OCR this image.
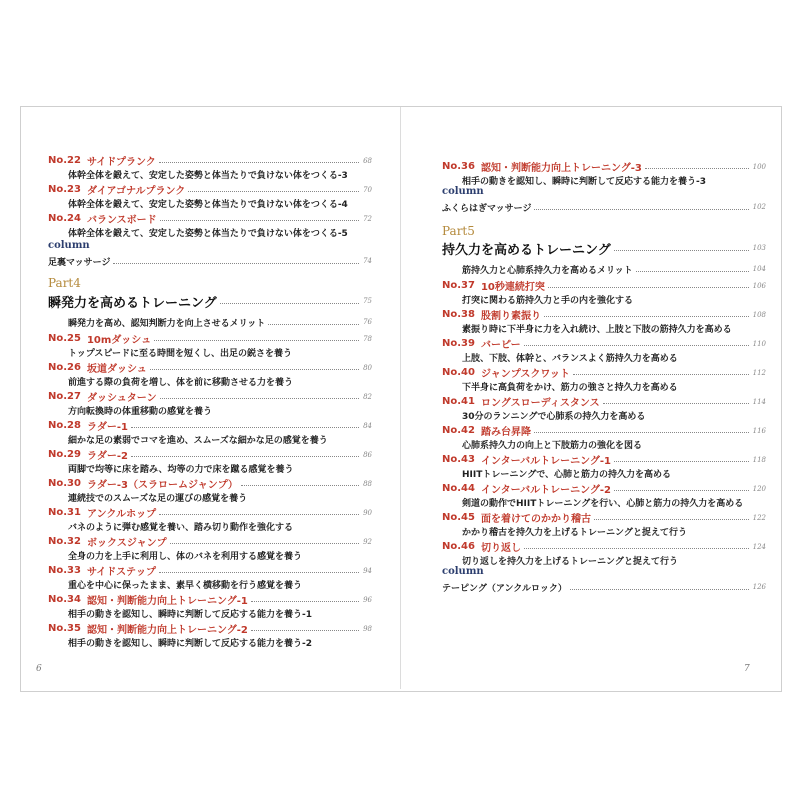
No.22 サイドプランク	68
体幹全体を鍛えて、安定した姿勢と体当たりで負けない体をつくる-3
No.23 ダイアゴナルプランク	70
体幹全体を鍛えて、安定した姿勢と体当たりで負けない体をつくる-4
No.24 バランスボード	72
体幹全体を鍛えて、安定した姿勢と体当たりで負けない体をつくる-5
column
足裏マッサージ	74
Part4
瞬発力を高めるトレーニング	75
瞬発力を高め、認知判断力を向上させるメリット	76
No.25 10mダッシュ	78
トップスピードに至る時間を短くし、出足の鋭さを養う
No.26 坂道ダッシュ	80
前進する際の負荷を増し、体を前に移動させる力を養う
No.27 ダッシュターン	82
方向転換時の体重移動の感覚を養う
No.28 ラダー-1	84
細かな足の素弱でコマを進め、スムーズな細かな足の感覚を養う
No.29 ラダー-2	86
両脚で均等に床を踏み、均等の力で床を蹴る感覚を養う
No.30 ラダー-3（スラロームジャンプ）	88
連続技でのスムーズな足の運びの感覚を養う
No.31 アンクルホップ	90
バネのように弾む感覚を養い、踏み切り動作を強化する
No.32 ボックスジャンプ	92
全身の力を上手に利用し、体のバネを利用する感覚を養う
No.33 サイドステップ	94
重心を中心に保ったまま、素早く横移動を行う感覚を養う
No.34 認知・判断能力向上トレーニング-1	96
相手の動きを認知し、瞬時に判断して反応する能力を養う-1
No.35 認知・判断能力向上トレーニング-2	98
相手の動きを認知し、瞬時に判断して反応する能力を養う-2
6
No.36 認知・判断能力向上トレーニング-3	100
相手の動きを認知し、瞬時に判断して反応する能力を養う-3
column
ふくらはぎマッサージ	102
Part5
持久力を高めるトレーニング	103
筋持久力と心肺系持久力を高めるメリット	104
No.37 10秒連続打突	106
打突に関わる筋持久力と手の内を強化する
No.38 股割り素振り	108
素振り時に下半身に力を入れ続け、上肢と下肢の筋持久力を高める
No.39 バーピー	110
上肢、下肢、体幹と、バランスよく筋持久力を高める
No.40 ジャンプスクワット	112
下半身に高負荷をかけ、筋力の強さと持久力を高める
No.41 ロングスローディスタンス	114
30分のランニングで心肺系の持久力を高める
No.42 踏み台昇降	116
心肺系持久力の向上と下肢筋力の強化を図る
No.43 インターバルトレーニング-1	118
HIITトレーニングで、心肺と筋力の持久力を高める
No.44 インターバルトレーニング-2	120
剣道の動作でHIITトレーニングを行い、心肺と筋力の持久力を高める
No.45 面を着けてのかかり稽古	122
かかり稽古を持久力を上げるトレーニングと捉えて行う
No.46 切り返し	124
切り返しを持久力を上げるトレーニングと捉えて行う
column
テーピング（アンクルロック）	126
7
